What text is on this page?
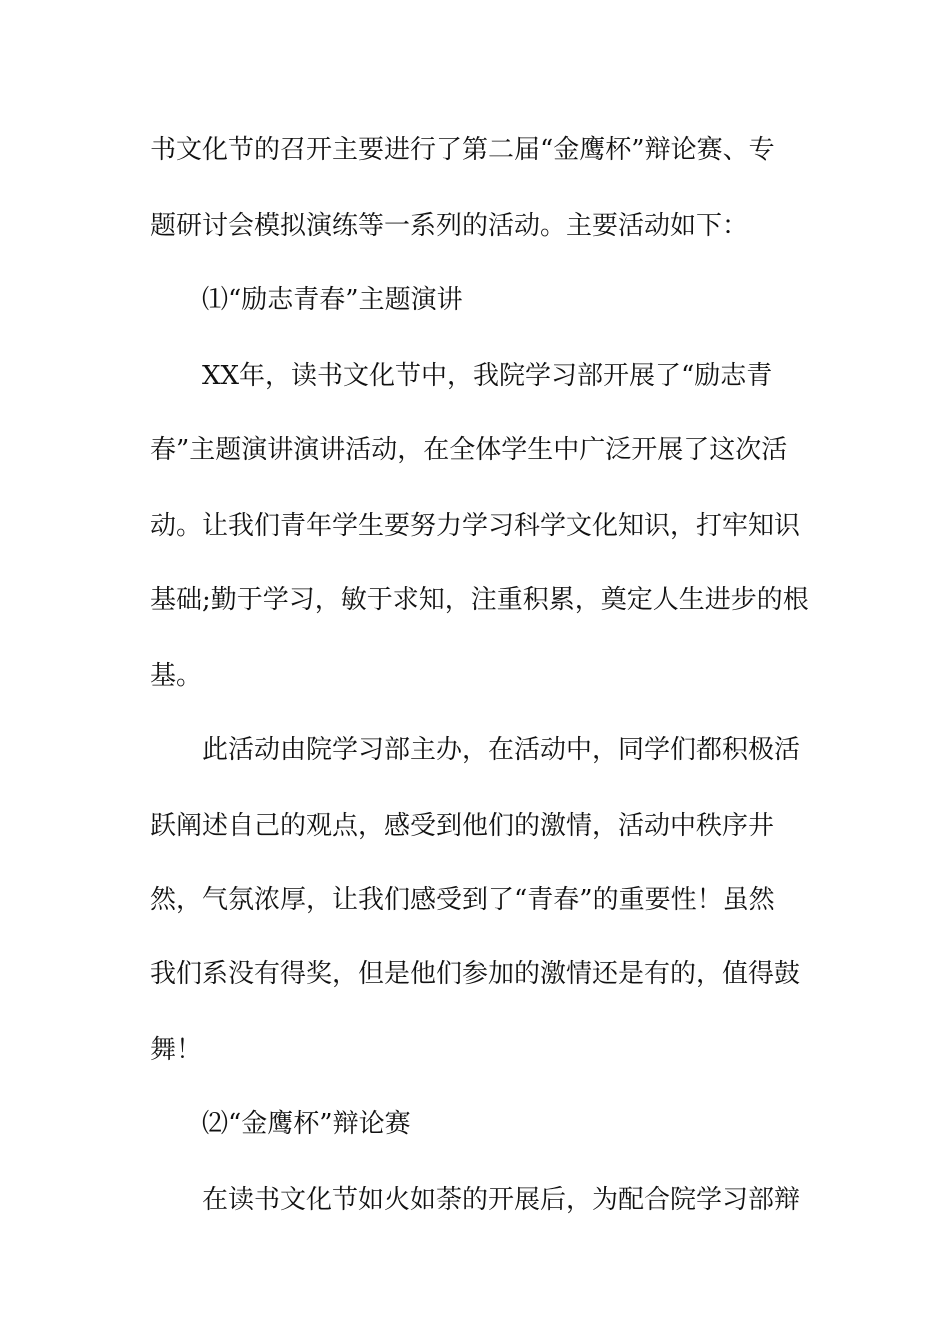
书文化节的召开主要进行了第二届“金鹰杯”辩论赛、专

题研讨会模拟演练等一系列的活动。主要活动如下：

⑴“励志青春”主题演讲

XX年，读书文化节中，我院学习部开展了“励志青

春”主题演讲演讲活动，在全体学生中广泛开展了这次活

动。让我们青年学生要努力学习科学文化知识，打牢知识

基础;勤于学习，敏于求知，注重积累，奠定人生进步的根

基。

此活动由院学习部主办，在活动中，同学们都积极活

跃阐述自己的观点，感受到他们的激情，活动中秩序井

然，气氛浓厚，让我们感受到了“青春”的重要性！虽然

我们系没有得奖，但是他们参加的激情还是有的，值得鼓

舞！

⑵“金鹰杯”辩论赛

在读书文化节如火如荼的开展后，为配合院学习部辩
